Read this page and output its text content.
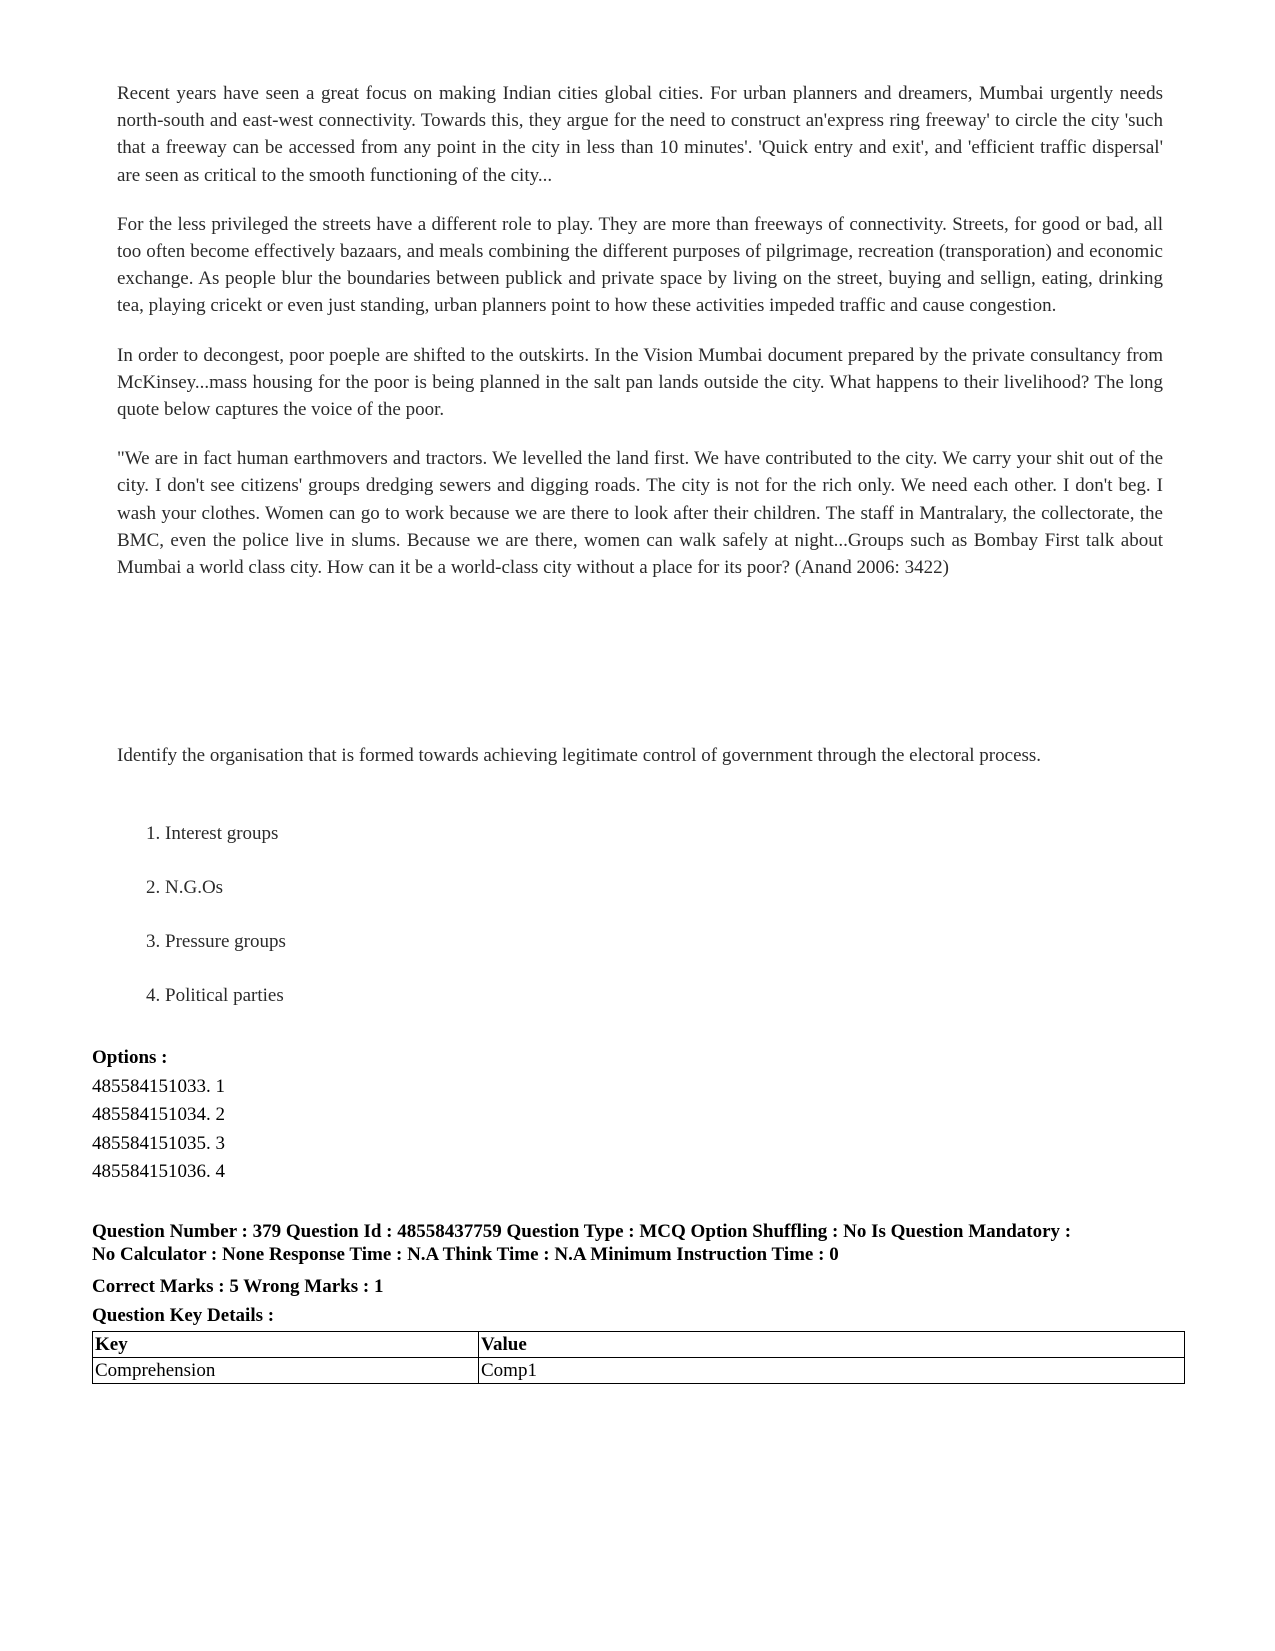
Recent years have seen a great focus on making Indian cities global cities. For urban planners and dreamers, Mumbai urgently needs north-south and east-west connectivity. Towards this, they argue for the need to construct an'express ring freeway' to circle the city 'such that a freeway can be accessed from any point in the city in less than 10 minutes'. 'Quick entry and exit', and 'efficient traffic dispersal' are seen as critical to the smooth functioning of the city...

For the less privileged the streets have a different role to play. They are more than freeways of connectivity. Streets, for good or bad, all too often become effectively bazaars, and meals combining the different purposes of pilgrimage, recreation (transporation) and economic exchange. As people blur the boundaries between publick and private space by living on the street, buying and sellign, eating, drinking tea, playing cricekt or even just standing, urban planners point to how these activities impeded traffic and cause congestion.

In order to decongest, poor poeple are shifted to the outskirts. In the Vision Mumbai document prepared by the private consultancy from McKinsey...mass housing for the poor is being planned in the salt pan lands outside the city. What happens to their livelihood? The long quote below captures the voice of the poor.

"We are in fact human earthmovers and tractors. We levelled the land first. We have contributed to the city. We carry your shit out of the city. I don't see citizens' groups dredging sewers and digging roads. The city is not for the rich only. We need each other. I don't beg. I wash your clothes. Women can go to work because we are there to look after their children. The staff in Mantralary, the collectorate, the BMC, even the police live in slums. Because we are there, women can walk safely at night...Groups such as Bombay First talk about Mumbai a world class city. How can it be a world-class city without a place for its poor? (Anand 2006: 3422)

Identify the organisation that is formed towards achieving legitimate control of government through the electoral process.
1. Interest groups
2. N.G.Os
3. Pressure groups
4. Political parties
Options :
485584151033. 1
485584151034. 2
485584151035. 3
485584151036. 4
Question Number : 379 Question Id : 48558437759 Question Type : MCQ Option Shuffling : No Is Question Mandatory :
No Calculator : None Response Time : N.A Think Time : N.A Minimum Instruction Time : 0
Correct Marks : 5 Wrong Marks : 1
Question Key Details :
Key	Value
Comprehension	Comp1
